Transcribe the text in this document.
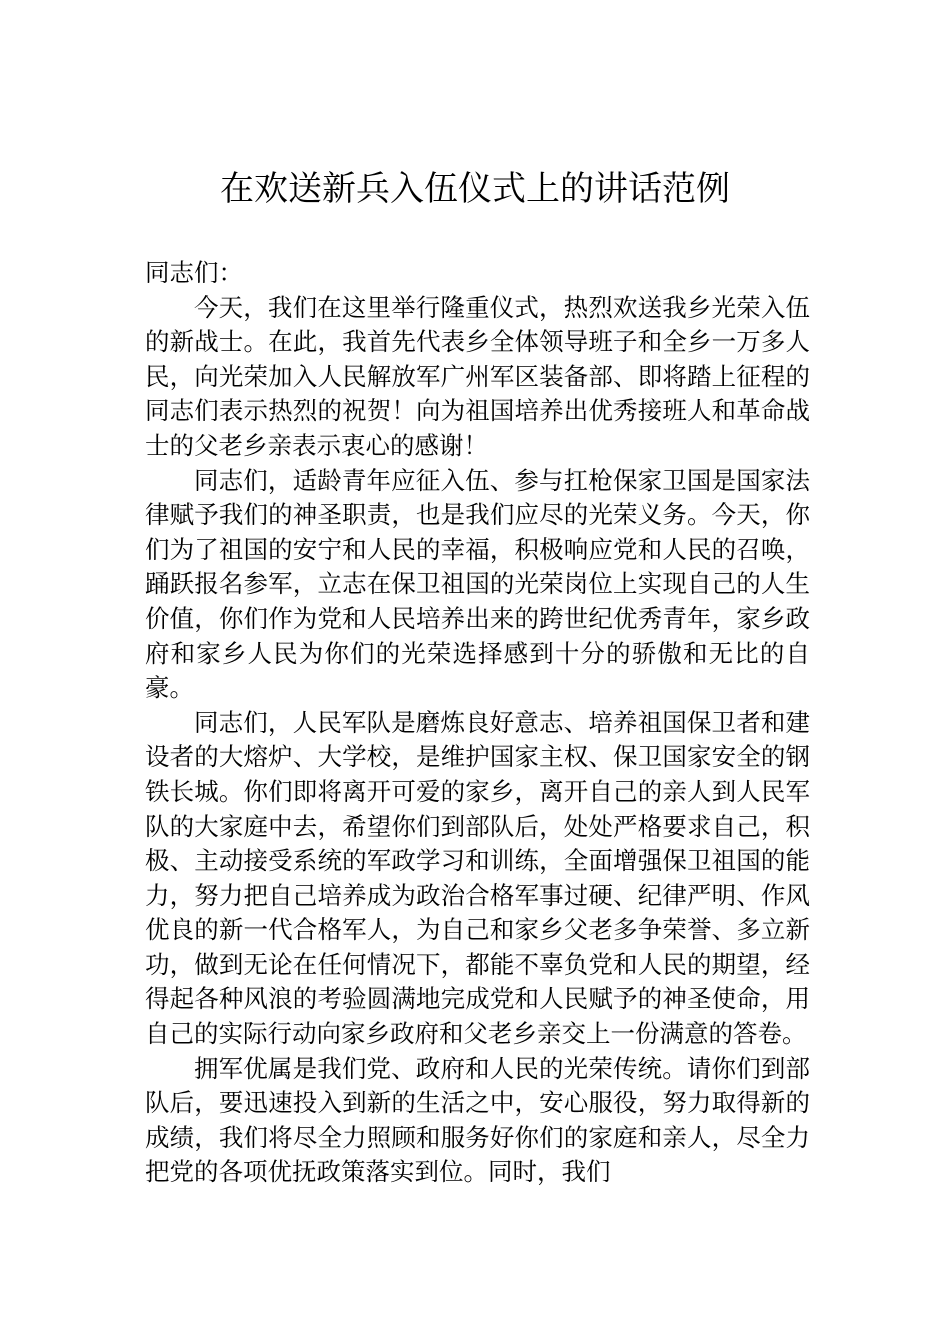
在欢送新兵入伍仪式上的讲话范例

同志们：

今天，我们在这里举行隆重仪式，热烈欢送我乡光荣入伍的新战士。在此，我首先代表乡全体领导班子和全乡一万多人民，向光荣加入人民解放军广州军区装备部、即将踏上征程的同志们表示热烈的祝贺！向为祖国培养出优秀接班人和革命战士的父老乡亲表示衷心的感谢！

同志们，适龄青年应征入伍、参与扛枪保家卫国是国家法律赋予我们的神圣职责，也是我们应尽的光荣义务。今天，你们为了祖国的安宁和人民的幸福，积极响应党和人民的召唤，踊跃报名参军，立志在保卫祖国的光荣岗位上实现自己的人生价值，你们作为党和人民培养出来的跨世纪优秀青年，家乡政府和家乡人民为你们的光荣选择感到十分的骄傲和无比的自豪。

同志们，人民军队是磨炼良好意志、培养祖国保卫者和建设者的大熔炉、大学校，是维护国家主权、保卫国家安全的钢铁长城。你们即将离开可爱的家乡，离开自己的亲人到人民军队的大家庭中去，希望你们到部队后，处处严格要求自己，积极、主动接受系统的军政学习和训练，全面增强保卫祖国的能力，努力把自己培养成为政治合格军事过硬、纪律严明、作风优良的新一代合格军人，为自己和家乡父老多争荣誉、多立新功，做到无论在任何情况下，都能不辜负党和人民的期望，经得起各种风浪的考验圆满地完成党和人民赋予的神圣使命，用自己的实际行动向家乡政府和父老乡亲交上一份满意的答卷。

拥军优属是我们党、政府和人民的光荣传统。请你们到部队后，要迅速投入到新的生活之中，安心服役，努力取得新的成绩，我们将尽全力照顾和服务好你们的家庭和亲人，尽全力把党的各项优抚政策落实到位。同时，我们
